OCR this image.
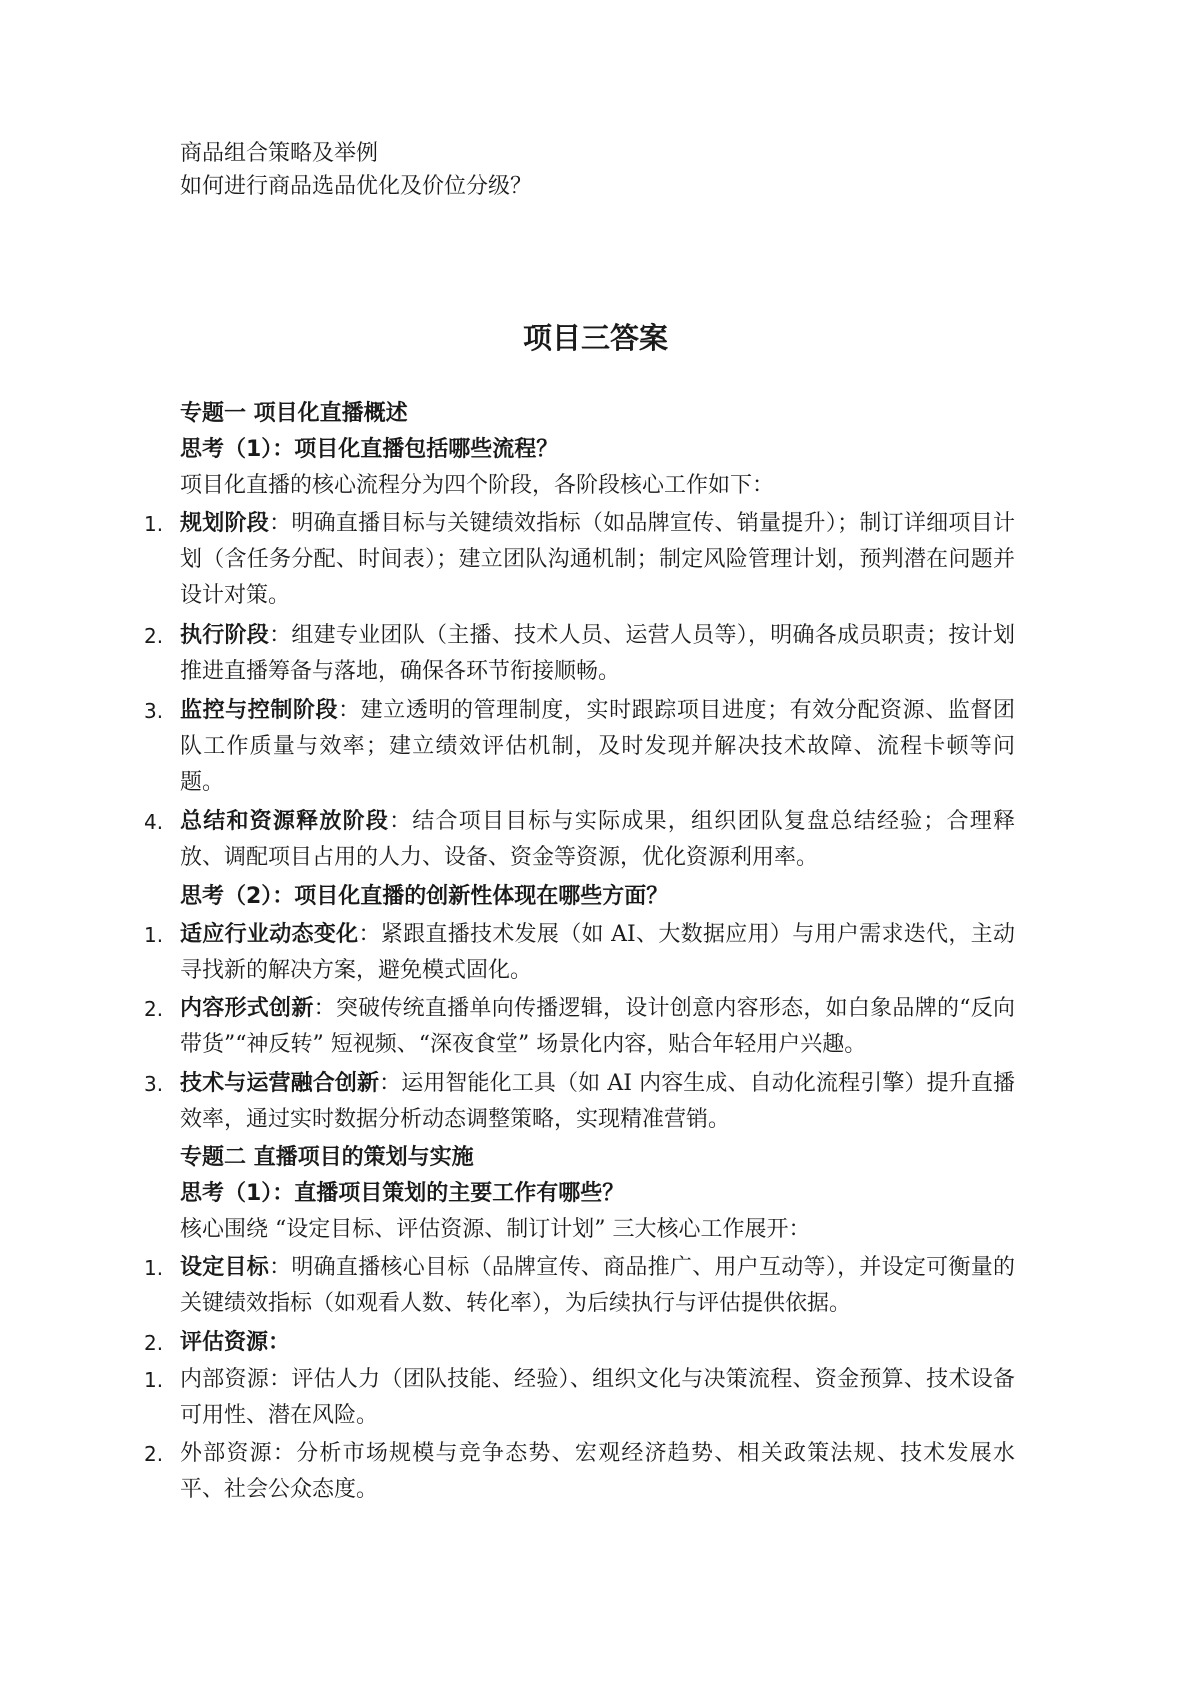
商品组合策略及举例
如何进行商品选品优化及价位分级？
项目三答案
专题一 项目化直播概述
思考（1）：项目化直播包括哪些流程？
项目化直播的核心流程分为四个阶段，各阶段核心工作如下：
1. 规划阶段：明确直播目标与关键绩效指标（如品牌宣传、销量提升）；制订详细项目计划（含任务分配、时间表）；建立团队沟通机制；制定风险管理计划，预判潜在问题并设计对策。
2. 执行阶段：组建专业团队（主播、技术人员、运营人员等），明确各成员职责；按计划推进直播筹备与落地，确保各环节衔接顺畅。
3. 监控与控制阶段：建立透明的管理制度，实时跟踪项目进度；有效分配资源、监督团队工作质量与效率；建立绩效评估机制，及时发现并解决技术故障、流程卡顿等问题。
4. 总结和资源释放阶段：结合项目目标与实际成果，组织团队复盘总结经验；合理释放、调配项目占用的人力、设备、资金等资源，优化资源利用率。
思考（2）：项目化直播的创新性体现在哪些方面？
1. 适应行业动态变化：紧跟直播技术发展（如 AI、大数据应用）与用户需求迭代，主动寻找新的解决方案，避免模式固化。
2. 内容形式创新：突破传统直播单向传播逻辑，设计创意内容形态，如白象品牌的“反向带货”“神反转” 短视频、“深夜食堂” 场景化内容，贴合年轻用户兴趣。
3. 技术与运营融合创新：运用智能化工具（如 AI 内容生成、自动化流程引擎）提升直播效率，通过实时数据分析动态调整策略，实现精准营销。
专题二 直播项目的策划与实施
思考（1）：直播项目策划的主要工作有哪些？
核心围绕 “设定目标、评估资源、制订计划” 三大核心工作展开：
1. 设定目标：明确直播核心目标（品牌宣传、商品推广、用户互动等），并设定可衡量的关键绩效指标（如观看人数、转化率），为后续执行与评估提供依据。
2. 评估资源：
1. 内部资源：评估人力（团队技能、经验）、组织文化与决策流程、资金预算、技术设备可用性、潜在风险。
2. 外部资源：分析市场规模与竞争态势、宏观经济趋势、相关政策法规、技术发展水平、社会公众态度。
